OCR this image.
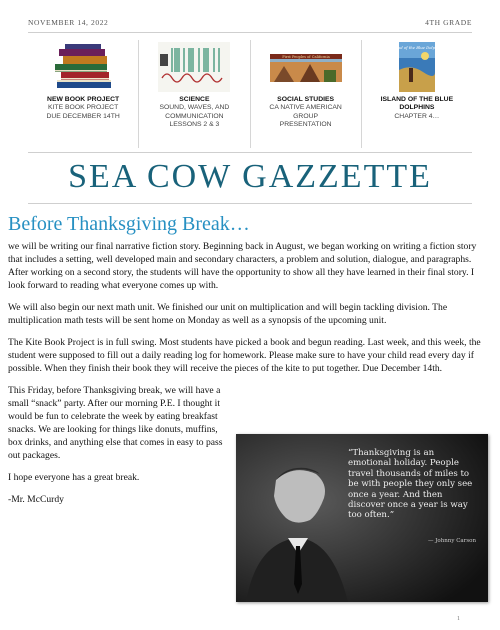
NOVEMBER 14, 2022	4TH GRADE
NEW BOOK PROJECT
KITE BOOK PROJECT
DUE DECEMBER 14TH
SCIENCE
SOUND, WAVES, AND
COMMUNICATION
LESSONS 2 & 3
First Peoples of California
SOCIAL STUDIES
CA NATIVE AMERICAN
GROUP
PRESENTATION
Island of the Blue Dolphins
ISLAND OF THE BLUE
DOLPHINS
CHAPTER 4…
SEA COW GAZZETTE
Before Thanksgiving Break…

we will be writing our final narrative fiction story. Beginning back in August, we began working on writing a fiction story that includes a setting, well developed main and secondary characters, a problem and solution, dialogue, and paragraphs. After working on a second story, the students will have the opportunity to show all they have learned in their final story. I look forward to reading what everyone comes up with.

We will also begin our next math unit. We finished our unit on multiplication and will begin tackling division. The multiplication math tests will be sent home on Monday as well as a synopsis of the upcoming unit.

The Kite Book Project is in full swing. Most students have picked a book and begun reading. Last week, and this week, the student were supposed to fill out a daily reading log for homework. Please make sure to have your child read every day if possible. When they finish their book they will receive the pieces of the kite to put together. Due December 14th.

This Friday, before Thanksgiving break, we will have a small “snack” party. After our morning P.E. I thought it would be fun to celebrate the week by eating breakfast snacks. We are looking for things like donuts, muffins, box drinks, and anything else that comes in easy to pass out packages.

I hope everyone has a great break.

-Mr. McCurdy

“Thanksgiving is an emotional holiday. People travel thousands of miles to be with people they only see once a year. And then discover once a year is way too often.”
— Johnny Carson
1
